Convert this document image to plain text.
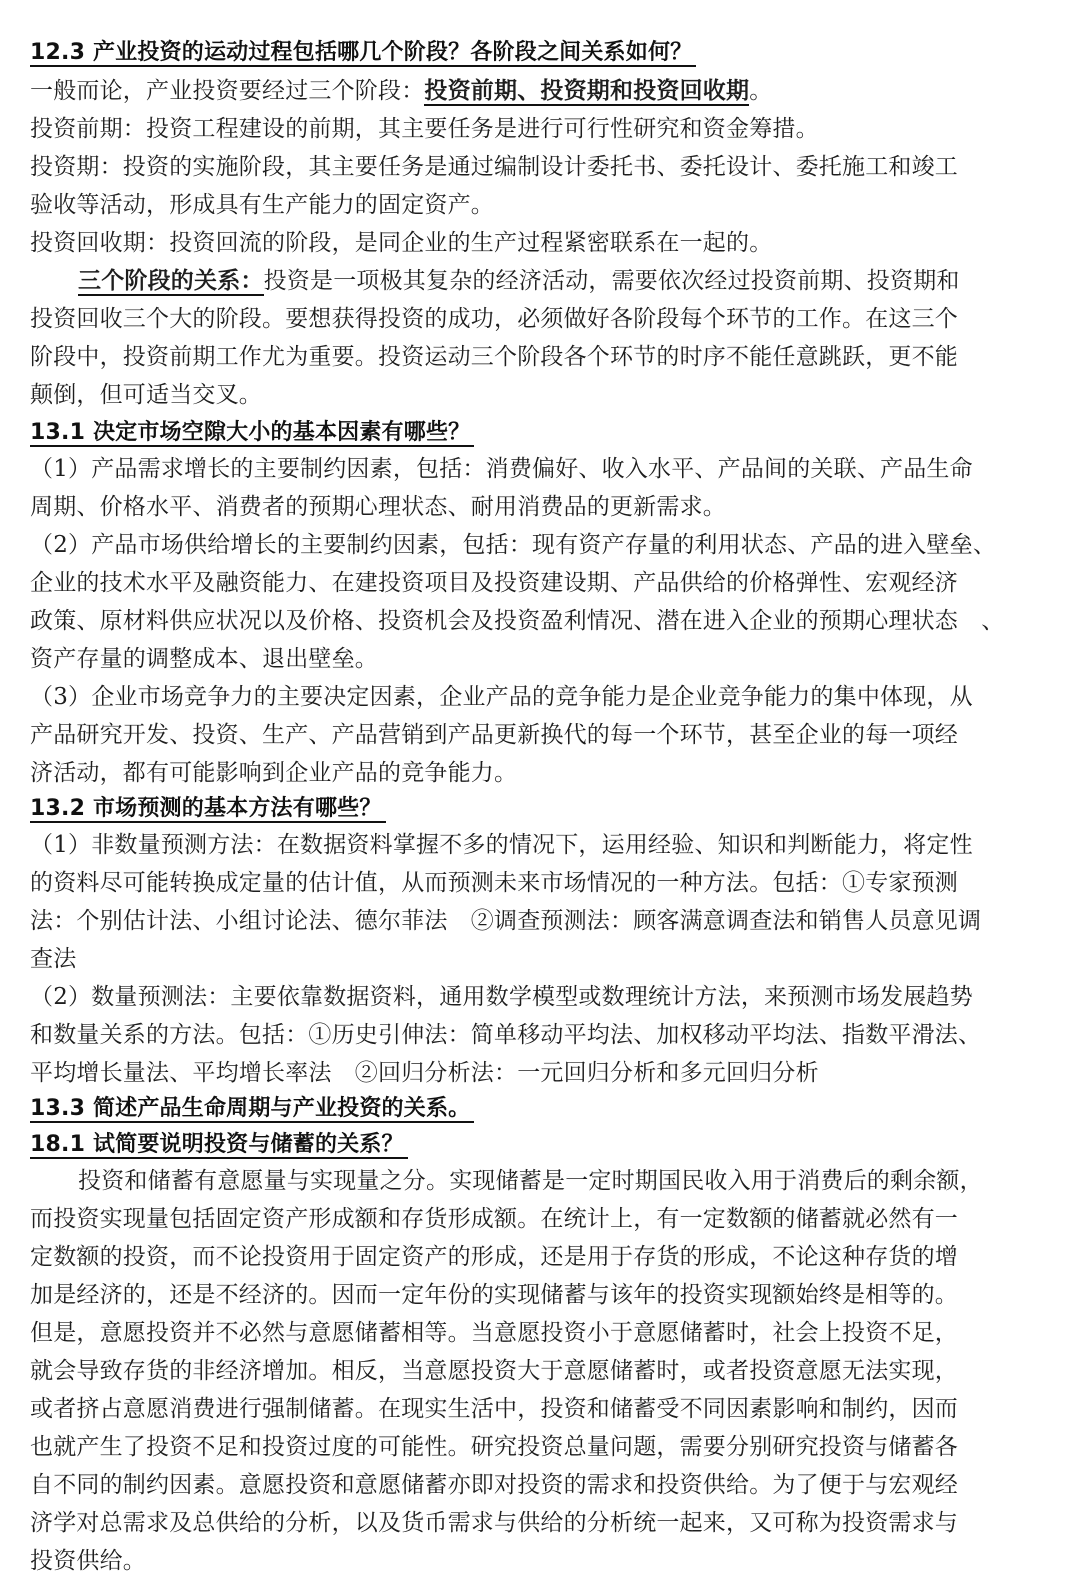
12.3 产业投资的运动过程包括哪几个阶段？各阶段之间关系如何？

一般而论，产业投资要经过三个阶段：投资前期、投资期和投资回收期。

投资前期：投资工程建设的前期，其主要任务是进行可行性研究和资金筹措。

投资期：投资的实施阶段，其主要任务是通过编制设计委托书、委托设计、委托施工和竣工

验收等活动，形成具有生产能力的固定资产。

投资回收期：投资回流的阶段，是同企业的生产过程紧密联系在一起的。

三个阶段的关系：投资是一项极其复杂的经济活动，需要依次经过投资前期、投资期和

投资回收三个大的阶段。要想获得投资的成功，必须做好各阶段每个环节的工作。在这三个

阶段中，投资前期工作尤为重要。投资运动三个阶段各个环节的时序不能任意跳跃，更不能

颠倒，但可适当交叉。

13.1 决定市场空隙大小的基本因素有哪些？

（1）产品需求增长的主要制约因素，包括：消费偏好、收入水平、产品间的关联、产品生命

周期、价格水平、消费者的预期心理状态、耐用消费品的更新需求。

（2）产品市场供给增长的主要制约因素，包括：现有资产存量的利用状态、产品的进入壁垒、

企业的技术水平及融资能力、在建投资项目及投资建设期、产品供给的价格弹性、宏观经济

政策、原材料供应状况以及价格、投资机会及投资盈利情况、潜在进入企业的预期心理状态　、

资产存量的调整成本、退出壁垒。

（3）企业市场竞争力的主要决定因素，企业产品的竞争能力是企业竞争能力的集中体现，从

产品研究开发、投资、生产、产品营销到产品更新换代的每一个环节，甚至企业的每一项经

济活动，都有可能影响到企业产品的竞争能力。

13.2 市场预测的基本方法有哪些？

（1）非数量预测方法：在数据资料掌握不多的情况下，运用经验、知识和判断能力，将定性

的资料尽可能转换成定量的估计值，从而预测未来市场情况的一种方法。包括：①专家预测

法：个别估计法、小组讨论法、德尔菲法　②调查预测法：顾客满意调查法和销售人员意见调

查法

（2）数量预测法：主要依靠数据资料，通用数学模型或数理统计方法，来预测市场发展趋势

和数量关系的方法。包括：①历史引伸法：简单移动平均法、加权移动平均法、指数平滑法、

平均增长量法、平均增长率法　②回归分析法：一元回归分析和多元回归分析

13.3 简述产品生命周期与产业投资的关系。

18.1 试简要说明投资与储蓄的关系？

投资和储蓄有意愿量与实现量之分。实现储蓄是一定时期国民收入用于消费后的剩余额，

而投资实现量包括固定资产形成额和存货形成额。在统计上，有一定数额的储蓄就必然有一

定数额的投资，而不论投资用于固定资产的形成，还是用于存货的形成，不论这种存货的增

加是经济的，还是不经济的。因而一定年份的实现储蓄与该年的投资实现额始终是相等的。

但是，意愿投资并不必然与意愿储蓄相等。当意愿投资小于意愿储蓄时，社会上投资不足，

就会导致存货的非经济增加。相反，当意愿投资大于意愿储蓄时，或者投资意愿无法实现，

或者挤占意愿消费进行强制储蓄。在现实生活中，投资和储蓄受不同因素影响和制约，因而

也就产生了投资不足和投资过度的可能性。研究投资总量问题，需要分别研究投资与储蓄各

自不同的制约因素。意愿投资和意愿储蓄亦即对投资的需求和投资供给。为了便于与宏观经

济学对总需求及总供给的分析，以及货币需求与供给的分析统一起来，又可称为投资需求与

投资供给。
